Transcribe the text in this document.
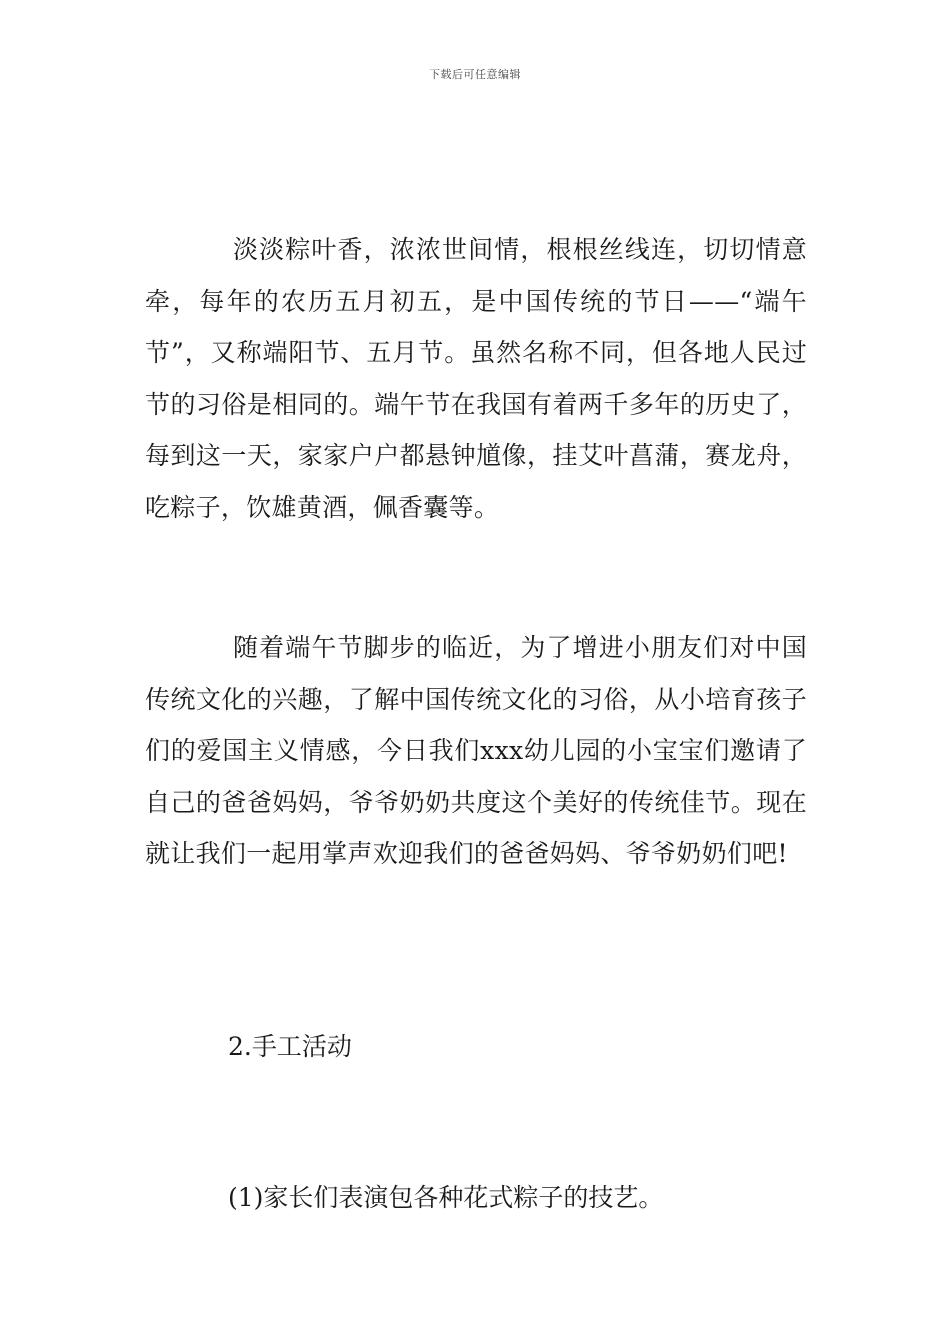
下载后可任意编辑

淡淡粽叶香，浓浓世间情，根根丝线连，切切情意牵，每年的农历五月初五，是中国传统的节日——“端午节”，又称端阳节、五月节。虽然名称不同，但各地人民过节的习俗是相同的。端午节在我国有着两千多年的历史了，每到这一天，家家户户都悬钟馗像，挂艾叶菖蒲，赛龙舟，吃粽子，饮雄黄酒，佩香囊等。

随着端午节脚步的临近，为了增进小朋友们对中国传统文化的兴趣，了解中国传统文化的习俗，从小培育孩子们的爱国主义情感，今日我们xxx幼儿园的小宝宝们邀请了自己的爸爸妈妈，爷爷奶奶共度这个美好的传统佳节。现在就让我们一起用掌声欢迎我们的爸爸妈妈、爷爷奶奶们吧!

2.手工活动
(1)家长们表演包各种花式粽子的技艺。
